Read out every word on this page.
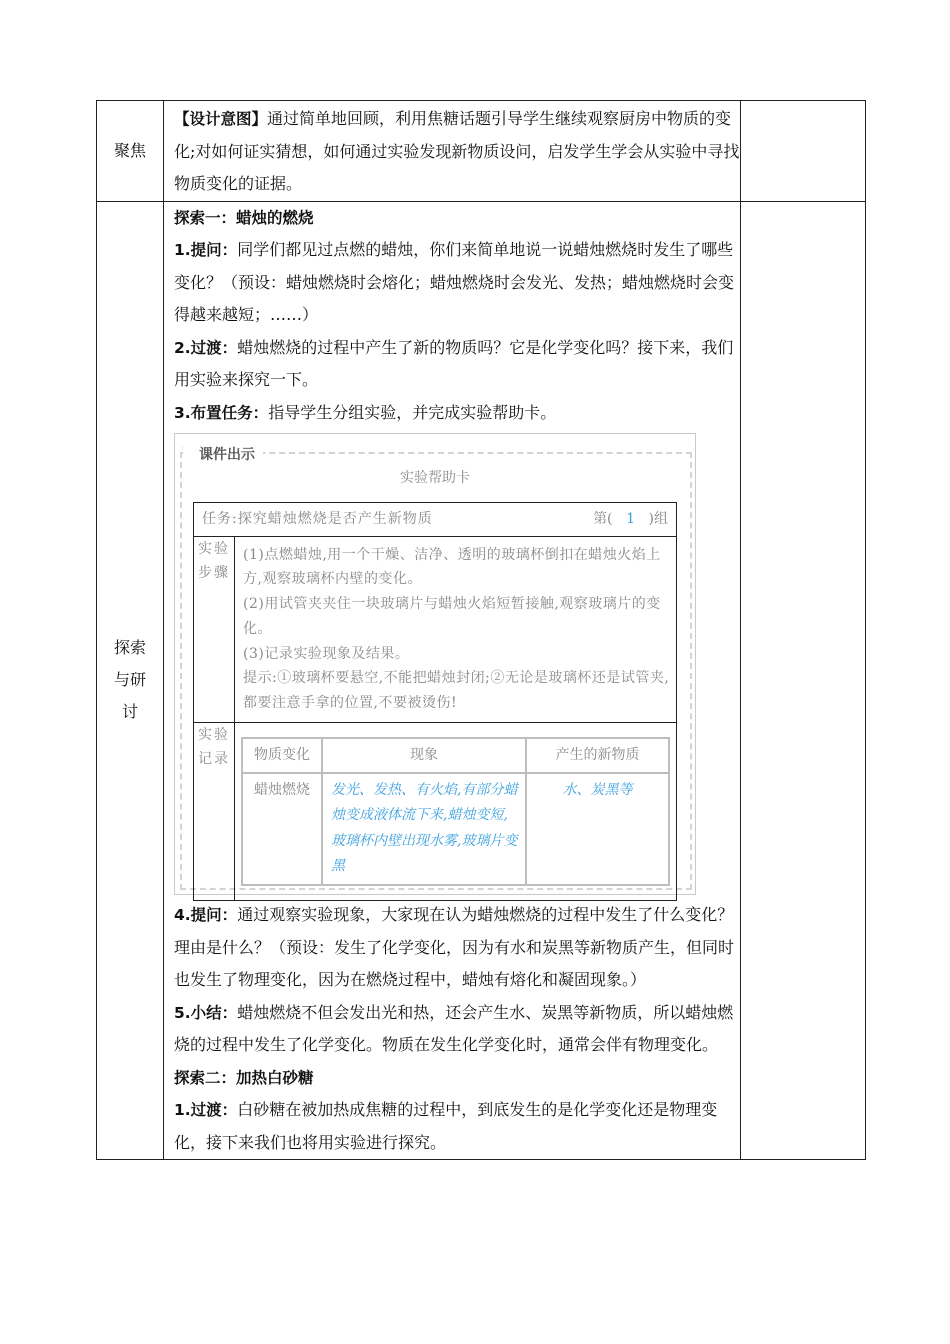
聚焦	

【设计意图】通过简单地回顾，利用焦糖话题引导学生继续观察厨房中物质的变化;对如何证实猜想，如何通过实验发现新物质设问，启发学生学会从实验中寻找物质变化的证据。

探索
与研
讨

探索一：蜡烛的燃烧

1.提问：同学们都见过点燃的蜡烛，你们来简单地说一说蜡烛燃烧时发生了哪些变化？（预设：蜡烛燃烧时会熔化；蜡烛燃烧时会发光、发热；蜡烛燃烧时会变得越来越短；……）

2.过渡：蜡烛燃烧的过程中产生了新的物质吗？它是化学变化吗？接下来，我们用实验来探究一下。

3.布置任务：指导学生分组实验，并完成实验帮助卡。

课件出示
实验帮助卡
任务:探究蜡烛燃烧是否产生新物质	第( 1 )组

实验
步骤

(1)点燃蜡烛,用一个干燥、洁净、透明的玻璃杯倒扣在蜡烛火焰上方,观察玻璃杯内壁的变化。
(2)用试管夹夹住一块玻璃片与蜡烛火焰短暂接触,观察玻璃片的变化。
(3)记录实验现象及结果。
提示:①玻璃杯要悬空,不能把蜡烛封闭;②无论是玻璃杯还是试管夹,都要注意手拿的位置,不要被烫伤!

实验
记录
	物质变化	现象	产生的新物质
蜡烛燃烧	发光、发热、有火焰,有部分蜡烛变成液体流下来,蜡烛变短,玻璃杯内壁出现水雾,玻璃片变黑	水、炭黑等

4.提问：通过观察实验现象，大家现在认为蜡烛燃烧的过程中发生了什么变化？理由是什么？（预设：发生了化学变化，因为有水和炭黑等新物质产生，但同时也发生了物理变化，因为在燃烧过程中，蜡烛有熔化和凝固现象。）

5.小结：蜡烛燃烧不但会发出光和热，还会产生水、炭黑等新物质，所以蜡烛燃烧的过程中发生了化学变化。物质在发生化学变化时，通常会伴有物理变化。

探索二：加热白砂糖

1.过渡：白砂糖在被加热成焦糖的过程中，到底发生的是化学变化还是物理变化，接下来我们也将用实验进行探究。
